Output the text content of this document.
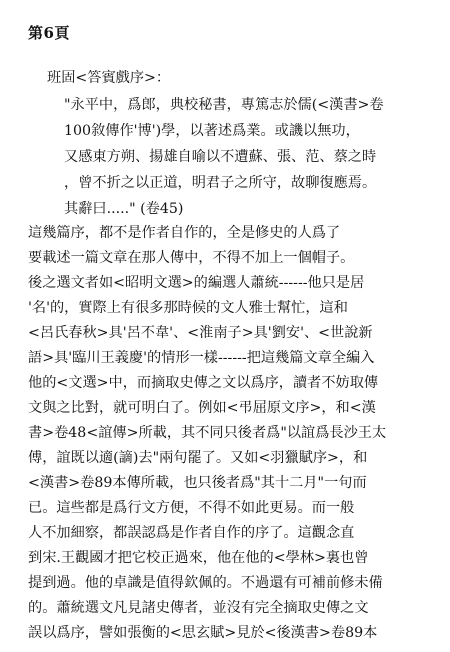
第6頁
班固<答賓戲序>：
"永平中，爲郎，典校秘書，專篤志於儒(<漢書>卷
100敘傳作'博')學，以著述爲業。或譏以無功，
又感東方朔、揚雄自喻以不遭蘇、張、范、蔡之時
，曾不折之以正道，明君子之所守，故聊復應焉。
其辭曰....." (卷45)
這幾篇序，都不是作者自作的，全是修史的人爲了
要載述一篇文章在那人傳中，不得不加上一個帽子。
後之選文者如<昭明文選>的編選人蕭統------他只是居
'名'的，實際上有很多那時候的文人雅士幫忙，這和
<呂氏春秋>具'呂不韋'、<淮南子>具'劉安'、<世說新
語>具'臨川王義慶'的情形一樣------把這幾篇文章全編入
他的<文選>中，而摘取史傳之文以爲序，讀者不妨取傳
文與之比對，就可明白了。例如<弔屈原文序>，和<漢
書>卷48<誼傳>所載，其不同只後者爲"以誼爲長沙王太
傅，誼既以適(謫)去"兩句罷了。又如<羽獵賦序>，和
<漢書>卷89本傳所載，也只後者爲"其十二月"一句而
已。這些都是爲行文方便，不得不如此更易。而一般
人不加細察，都誤認爲是作者自作的序了。這觀念直
到宋.王觀國才把它校正過來，他在他的<學林>裏也曾
提到過。他的卓識是值得欽佩的。不過還有可補前修未備
的。蕭統選文凡見諸史傳者，並沒有完全摘取史傳之文
誤以爲序，譬如張衡的<思玄賦>見於<後漢書>卷89本
